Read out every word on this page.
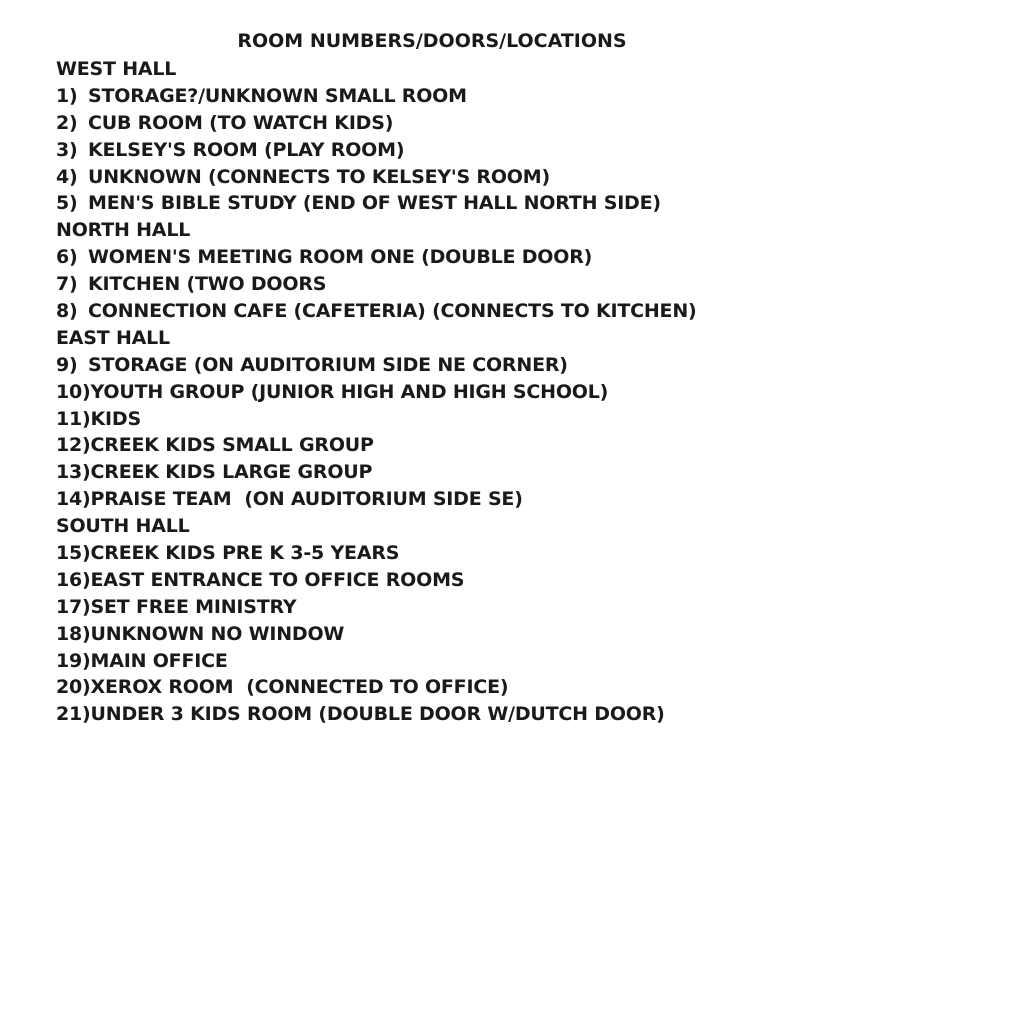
ROOM NUMBERS/DOORS/LOCATIONS
WEST HALL
1) STORAGE?/UNKNOWN SMALL ROOM
2) CUB ROOM (TO WATCH KIDS)
3) KELSEY'S ROOM (PLAY ROOM)
4) UNKNOWN (CONNECTS TO KELSEY'S ROOM)
5) MEN'S BIBLE STUDY (END OF WEST HALL NORTH SIDE)
NORTH HALL
6) WOMEN'S MEETING ROOM ONE (DOUBLE DOOR)
7) KITCHEN (TWO DOORS
8) CONNECTION CAFE (CAFETERIA) (CONNECTS TO KITCHEN)
EAST HALL
9) STORAGE (ON AUDITORIUM SIDE NE CORNER)
10)YOUTH GROUP (JUNIOR HIGH AND HIGH SCHOOL)
11)KIDS
12)CREEK KIDS SMALL GROUP
13)CREEK KIDS LARGE GROUP
14)PRAISE TEAM  (ON AUDITORIUM SIDE SE)
SOUTH HALL
15)CREEK KIDS PRE K 3-5 YEARS
16)EAST ENTRANCE TO OFFICE ROOMS
17)SET FREE MINISTRY
18)UNKNOWN NO WINDOW
19)MAIN OFFICE
20)XEROX ROOM  (CONNECTED TO OFFICE)
21)UNDER 3 KIDS ROOM (DOUBLE DOOR W/DUTCH DOOR)
